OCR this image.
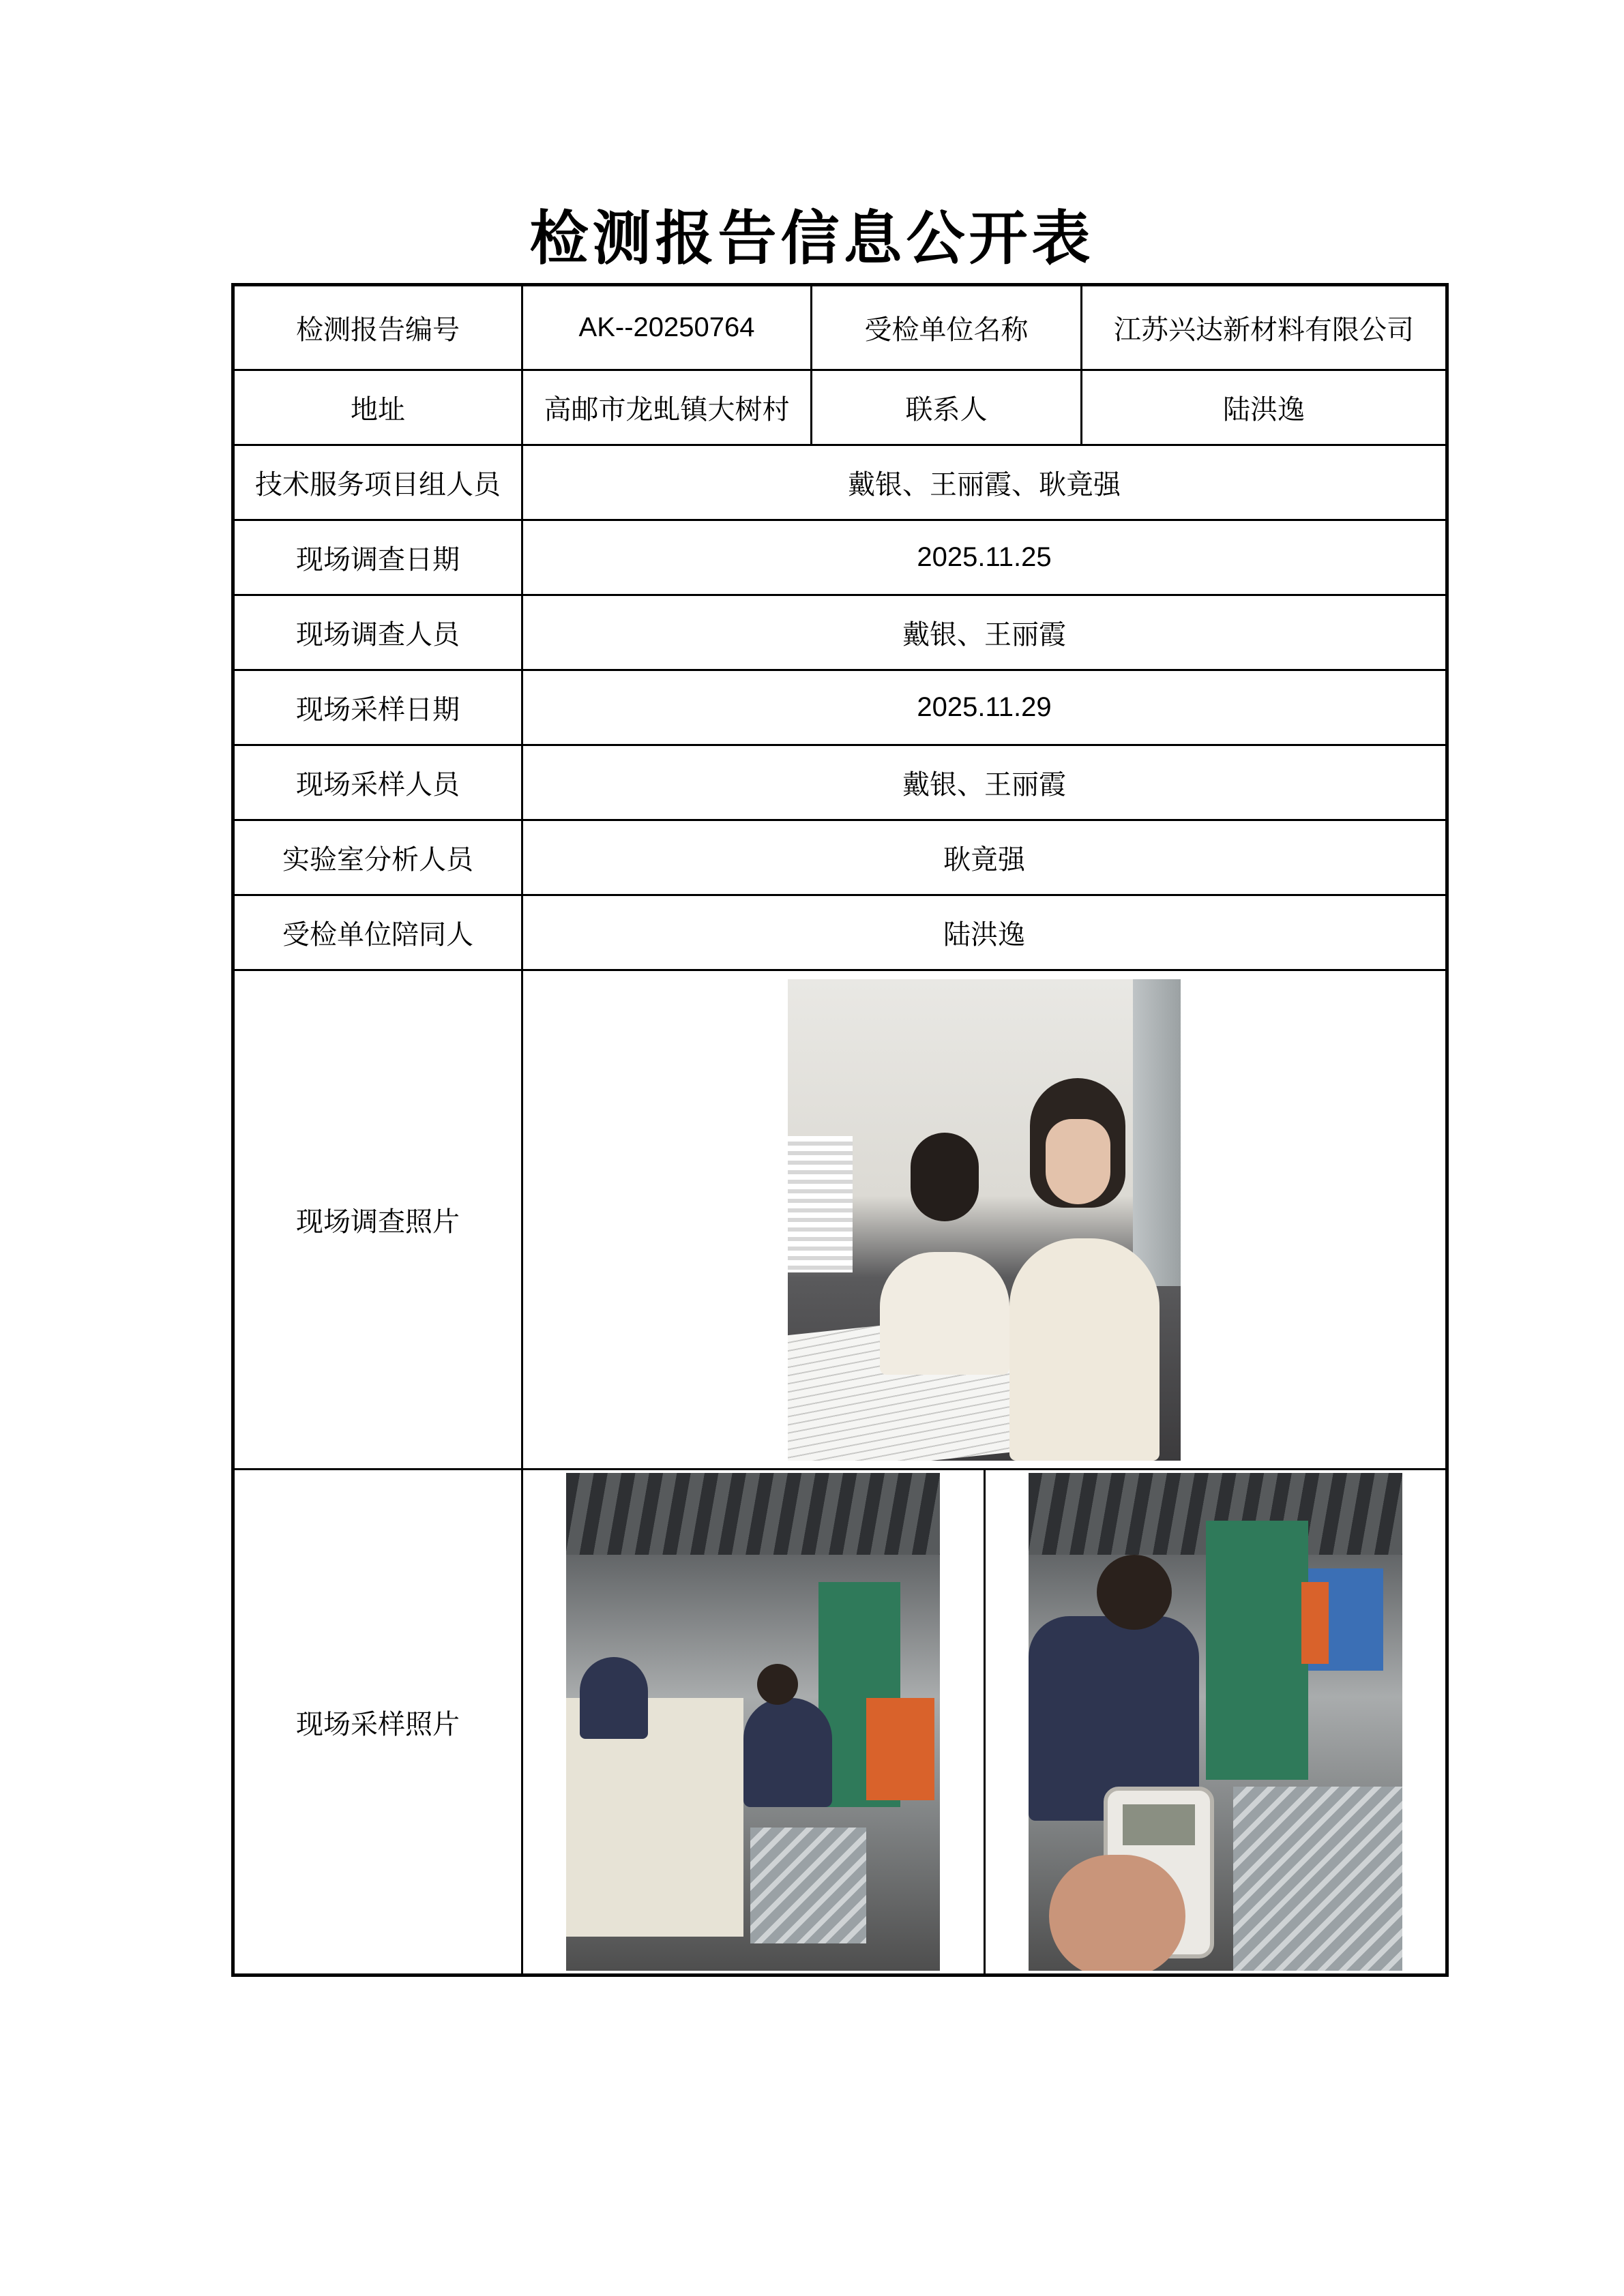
检测报告信息公开表
检测报告编号	AK--20250764	受检单位名称	江苏兴达新材料有限公司
地址	高邮市龙虬镇大树村	联系人	陆洪逸
技术服务项目组人员	戴银、王丽霞、耿竟强		
现场调查日期	2025.11.25		
现场调查人员	戴银、王丽霞		
现场采样日期	2025.11.29		
现场采样人员	戴银、王丽霞		
实验室分析人员	耿竟强		
受检单位陪同人	陆洪逸		
现场调查照片			

现场采样照片			
